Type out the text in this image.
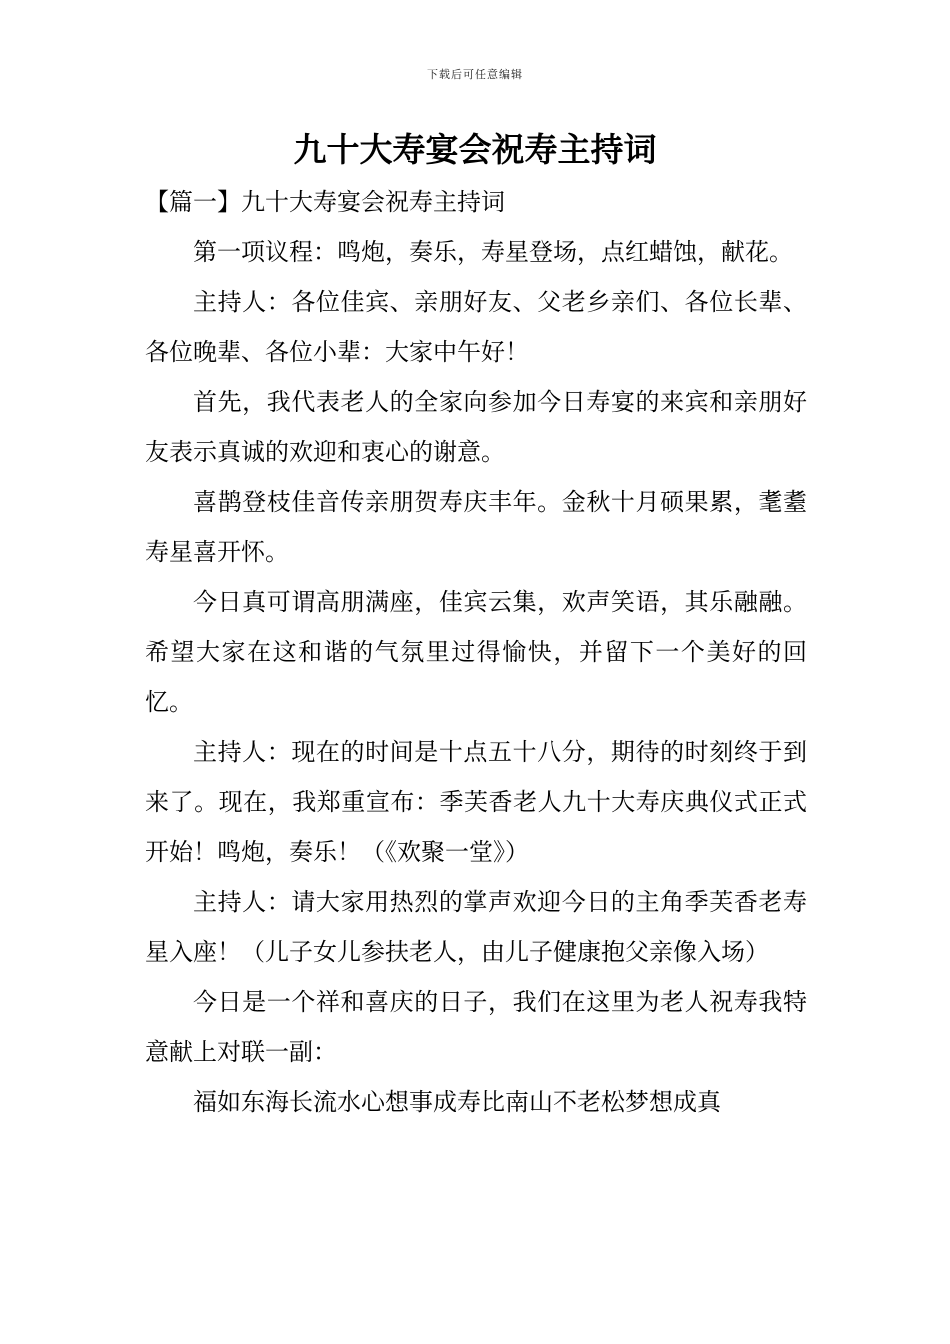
下载后可任意编辑
九十大寿宴会祝寿主持词

【篇一】九十大寿宴会祝寿主持词

第一项议程：鸣炮，奏乐，寿星登场，点红蜡蚀，献花。

主持人：各位佳宾、亲朋好友、父老乡亲们、各位长辈、各位晚辈、各位小辈：大家中午好！

首先，我代表老人的全家向参加今日寿宴的来宾和亲朋好友表示真诚的欢迎和衷心的谢意。

喜鹊登枝佳音传亲朋贺寿庆丰年。金秋十月硕果累，耄耋寿星喜开怀。

今日真可谓高朋满座，佳宾云集，欢声笑语，其乐融融。希望大家在这和谐的气氛里过得愉快，并留下一个美好的回忆。

主持人：现在的时间是十点五十八分，期待的时刻终于到来了。现在，我郑重宣布：季芙香老人九十大寿庆典仪式正式开始！鸣炮，奏乐！（《欢聚一堂》）

主持人：请大家用热烈的掌声欢迎今日的主角季芙香老寿星入座！（儿子女儿参扶老人，由儿子健康抱父亲像入场）

今日是一个祥和喜庆的日子，我们在这里为老人祝寿我特意献上对联一副：

福如东海长流水心想事成寿比南山不老松梦想成真
